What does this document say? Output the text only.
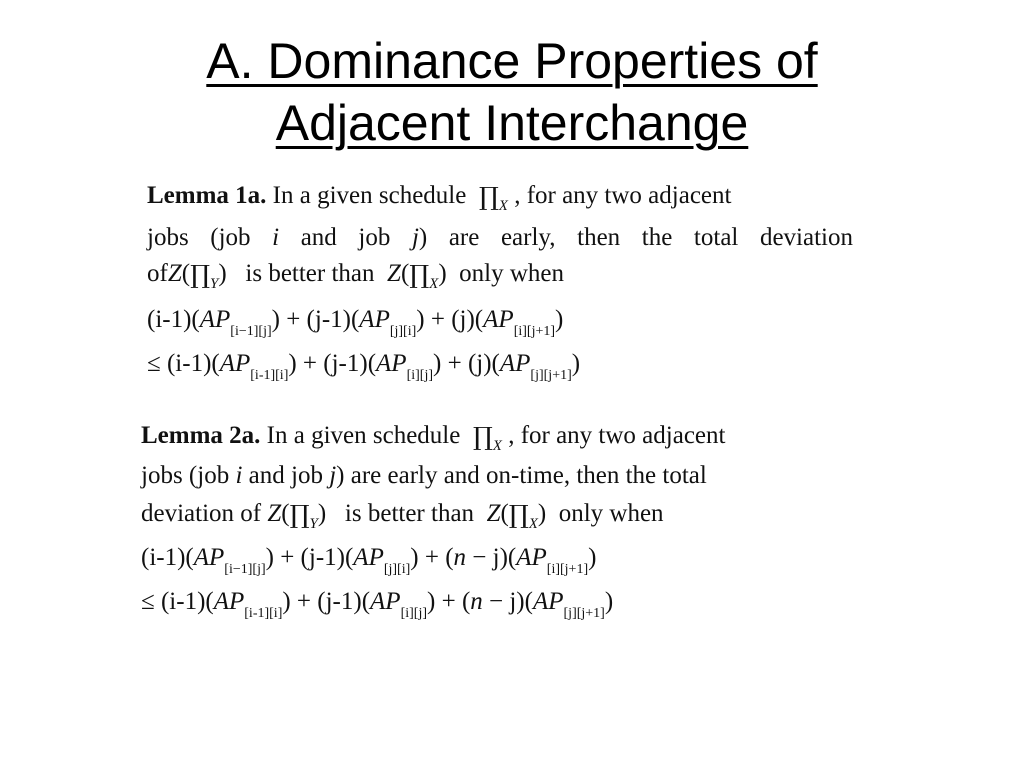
A. Dominance Properties of
Adjacent Interchange
Lemma 1a. In a given schedule $\prod_X$ , for any two adjacent
jobs (job i and job j) are early, then the total deviation
$ofZ(\prod_Y)$   is better than $Z(\prod_X)$  only when
$(i-1)(AP_{[i-1][j]}) + (j-1)(AP_{[j][i]}) + (j)(AP_{[i][j+1]})$
≤ $(i-1)(AP_{[i-1][i]}) + (j-1)(AP_{[i][j]}) + (j)(AP_{[j][j+1]})$
Lemma 2a. In a given schedule $\prod_X$ , for any two adjacent
jobs (job i and job j) are early and on-time, then the total
deviation of $Z(\prod_Y)$   is better than $Z(\prod_X)$  only when
$(i-1)(AP_{[i-1][j]}) + (j-1)(AP_{[j][i]}) + (n - j)(AP_{[i][j+1]})$
≤ $(i-1)(AP_{[i-1][i]}) + (j-1)(AP_{[i][j]}) + (n - j)(AP_{[j][j+1]})$
